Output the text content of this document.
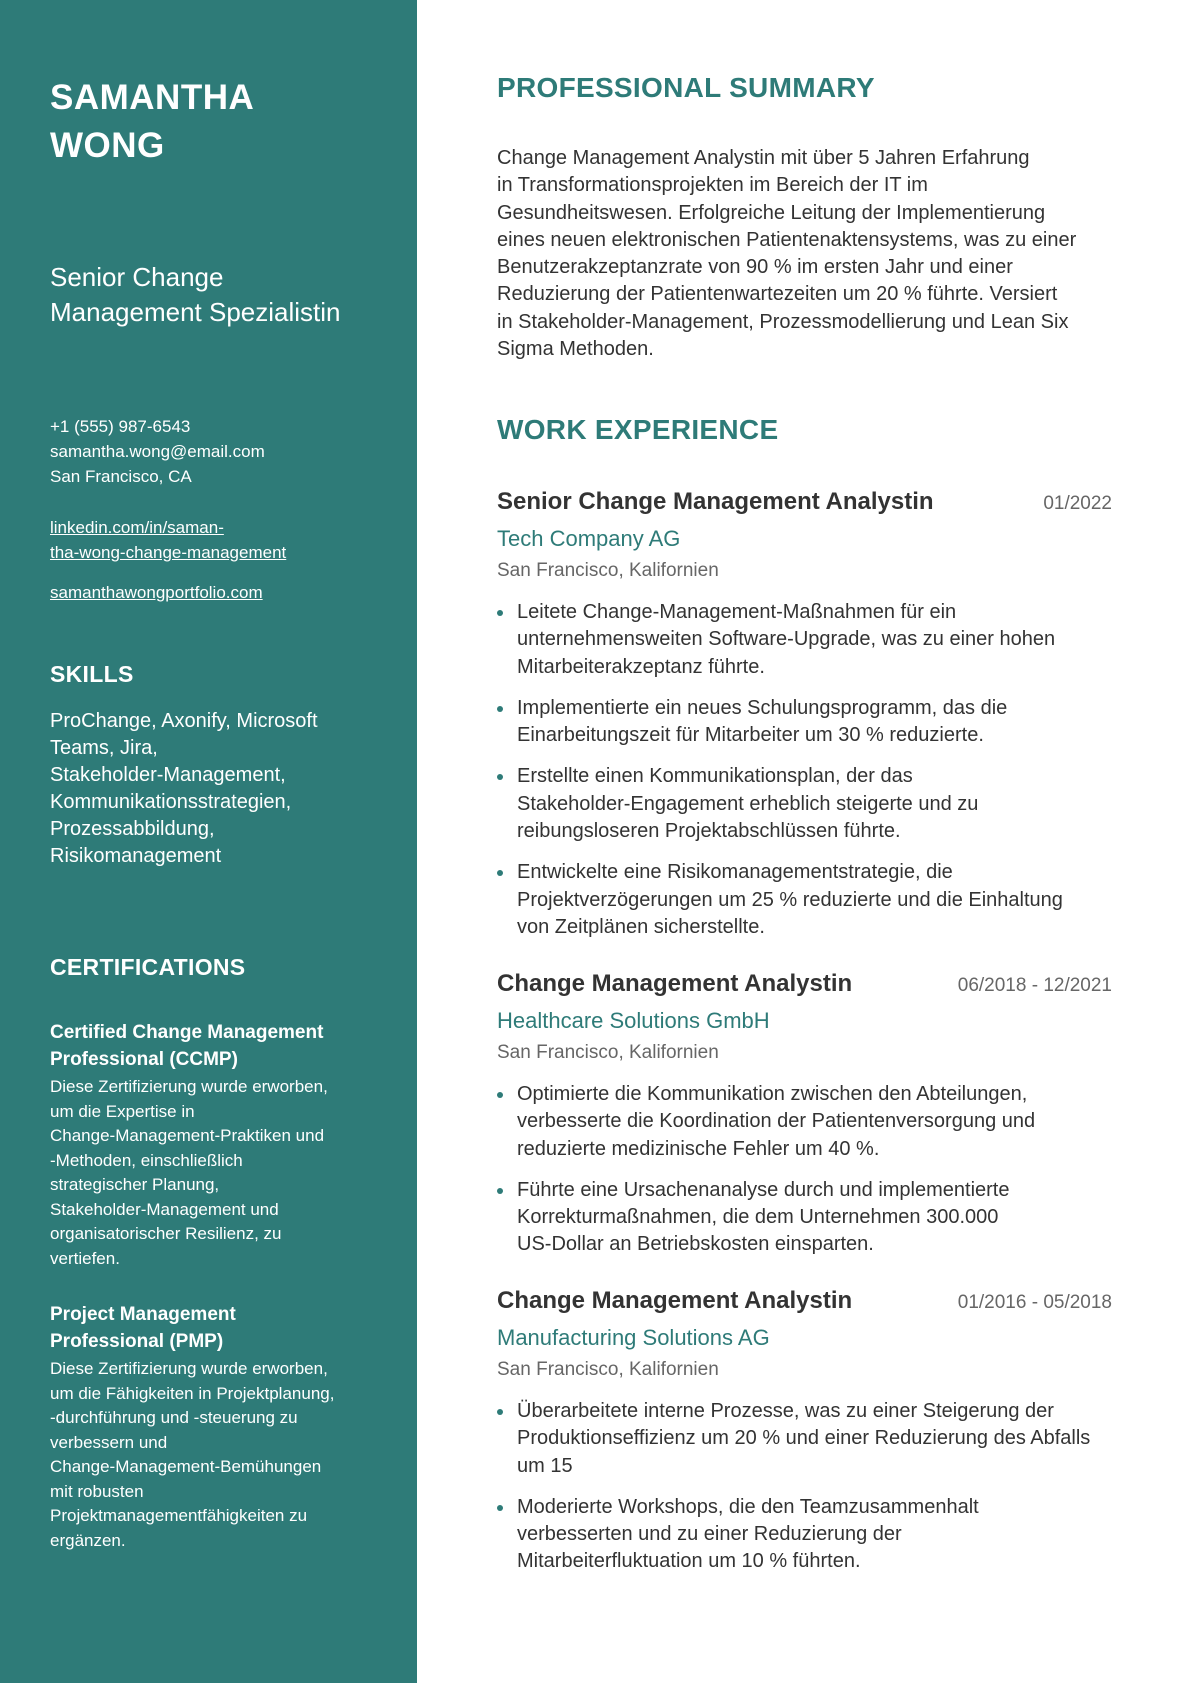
SAMANTHA
WONG
Senior Change
Management Spezialistin
+1 (555) 987-6543
samantha.wong@email.com
San Francisco, CA
linkedin.com/in/saman-
tha-wong-change-management
samanthawongportfolio.com
SKILLS
ProChange, Axonify, Microsoft
Teams, Jira,
Stakeholder-Management,
Kommunikationsstrategien,
Prozessabbildung,
Risikomanagement
CERTIFICATIONS
Certified Change Management
Professional (CCMP)
Diese Zertifizierung wurde erworben,
um die Expertise in
Change-Management-Praktiken und
-Methoden, einschließlich
strategischer Planung,
Stakeholder-Management und
organisatorischer Resilienz, zu
vertiefen.
Project Management
Professional (PMP)
Diese Zertifizierung wurde erworben,
um die Fähigkeiten in Projektplanung,
-durchführung und -steuerung zu
verbessern und
Change-Management-Bemühungen
mit robusten
Projektmanagementfähigkeiten zu
ergänzen.
PROFESSIONAL SUMMARY
Change Management Analystin mit über 5 Jahren Erfahrung
in Transformationsprojekten im Bereich der IT im
Gesundheitswesen. Erfolgreiche Leitung der Implementierung
eines neuen elektronischen Patientenaktensystems, was zu einer
Benutzerakzeptanzrate von 90 % im ersten Jahr und einer
Reduzierung der Patientenwartezeiten um 20 % führte. Versiert
in Stakeholder-Management, Prozessmodellierung und Lean Six
Sigma Methoden.
WORK EXPERIENCE
Senior Change Management Analystin	01/2022
Tech Company AG
San Francisco, Kalifornien
Leitete Change-Management-Maßnahmen für ein
unternehmensweiten Software-Upgrade, was zu einer hohen
Mitarbeiterakzeptanz führte.
Implementierte ein neues Schulungsprogramm, das die
Einarbeitungszeit für Mitarbeiter um 30 % reduzierte.
Erstellte einen Kommunikationsplan, der das
Stakeholder-Engagement erheblich steigerte und zu
reibungsloseren Projektabschlüssen führte.
Entwickelte eine Risikomanagementstrategie, die
Projektverzögerungen um 25 % reduzierte und die Einhaltung
von Zeitplänen sicherstellte.
Change Management Analystin	06/2018 - 12/2021
Healthcare Solutions GmbH
San Francisco, Kalifornien
Optimierte die Kommunikation zwischen den Abteilungen,
verbesserte die Koordination der Patientenversorgung und
reduzierte medizinische Fehler um 40 %.
Führte eine Ursachenanalyse durch und implementierte
Korrekturmaßnahmen, die dem Unternehmen 300.000
US-Dollar an Betriebskosten einsparten.
Change Management Analystin	01/2016 - 05/2018
Manufacturing Solutions AG
San Francisco, Kalifornien
Überarbeitete interne Prozesse, was zu einer Steigerung der
Produktionseffizienz um 20 % und einer Reduzierung des Abfalls
um 15
Moderierte Workshops, die den Teamzusammenhalt
verbesserten und zu einer Reduzierung der
Mitarbeiterfluktuation um 10 % führten.
